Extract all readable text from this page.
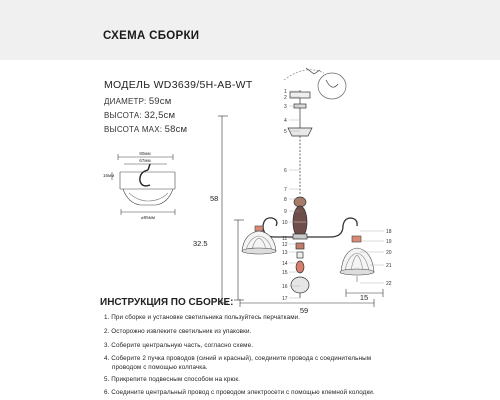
СХЕМА СБОРКИ
МОДЕЛЬ WD3639/5H-AB-WT
ДИАМЕТР: 59см
ВЫСОТА: 32,5см
ВЫСОТА MAX: 58см
80мм
67мм
16мм
⌀95мм
58
32.5
59
15
1
2
3
4
5
6
7
8
9
10
11
12
13
14
15
16
17
18
19
20
21
22
ИНСТРУКЦИЯ ПО СБОРКЕ:
1. При сборке и установке светильника пользуйтесь перчатками.
2. Осторожно извлеките светильник из упаковки.
3. Соберите центральную часть, согласно схеме.
4. Соберите 2 пучка проводов (синий и красный), соедините провода с соединительным
проводом с помощью колпачка.
5. Прикрепите подвесным способом на крюк.
6. Соедините центральный провод с проводом электросети с помощью клемной колодки.
